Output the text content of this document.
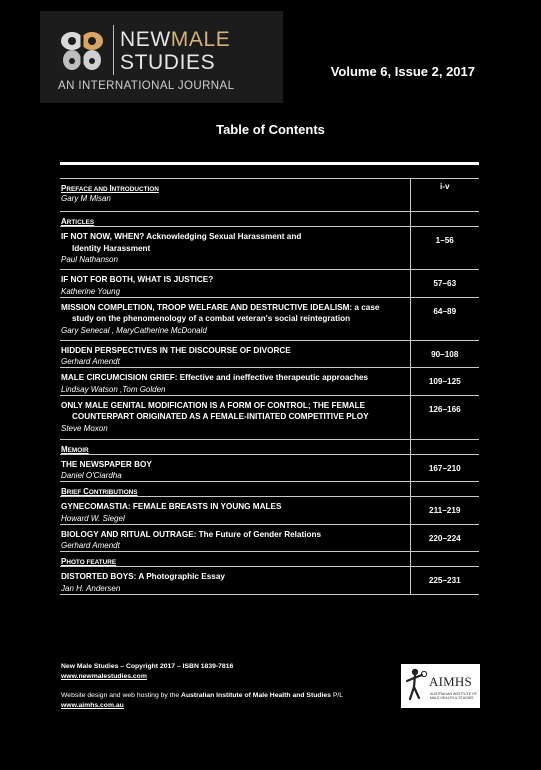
NEWMALE
STUDIES
AN INTERNATIONAL JOURNAL
Volume 6, Issue 2, 2017
Table of Contents
PREFACE AND INTRODUCTION
Gary M Misan	i-v

ARTICLES	

IF NOT NOW, WHEN? Acknowledging Sexual Harassment and
Identity Harassment
Paul Nathanson	1–56

IF NOT FOR BOTH, WHAT IS JUSTICE?
Katherine Young	57–63

MISSION COMPLETION, TROOP WELFARE AND DESTRUCTIVE IDEALISM: a case
study on the phenomenology of a combat veteran's social reintegration
Gary Senecal , MaryCatherine McDonald	64–89

HIDDEN PERSPECTIVES IN THE DISCOURSE OF DIVORCE
Gerhard Amendt	90–108

MALE CIRCUMCISION GRIEF: Effective and ineffective therapeutic approaches
Lindsay Watson ,Tom Golden	109–125

ONLY MALE GENITAL MODIFICATION IS A FORM OF CONTROL; THE FEMALE
COUNTERPART ORIGINATED AS A FEMALE-INITIATED COMPETITIVE PLOY
Steve Moxon	126–166

MEMOIR	

THE NEWSPAPER BOY
Daniel O'Ciardha	167–210

BRIEF CONTRIBUTIONS	

GYNECOMASTIA: FEMALE BREASTS IN YOUNG MALES
Howard W. Siegel	211–219

BIOLOGY AND RITUAL OUTRAGE: The Future of Gender Relations
Gerhard Amendt	220–224

PHOTO FEATURE	

DISTORTED BOYS: A Photographic Essay
Jan H. Andersen	225–231
New Male Studies – Copyright 2017 – ISBN 1839-7816
www.newmalestudies.com
Website design and web hosting by the Australian Institute of Male Health and Studies P/L
www.aimhs.com.au
AIMHS
AUSTRALIAN INSTITUTE OF MALE HEALTH & STUDIES
